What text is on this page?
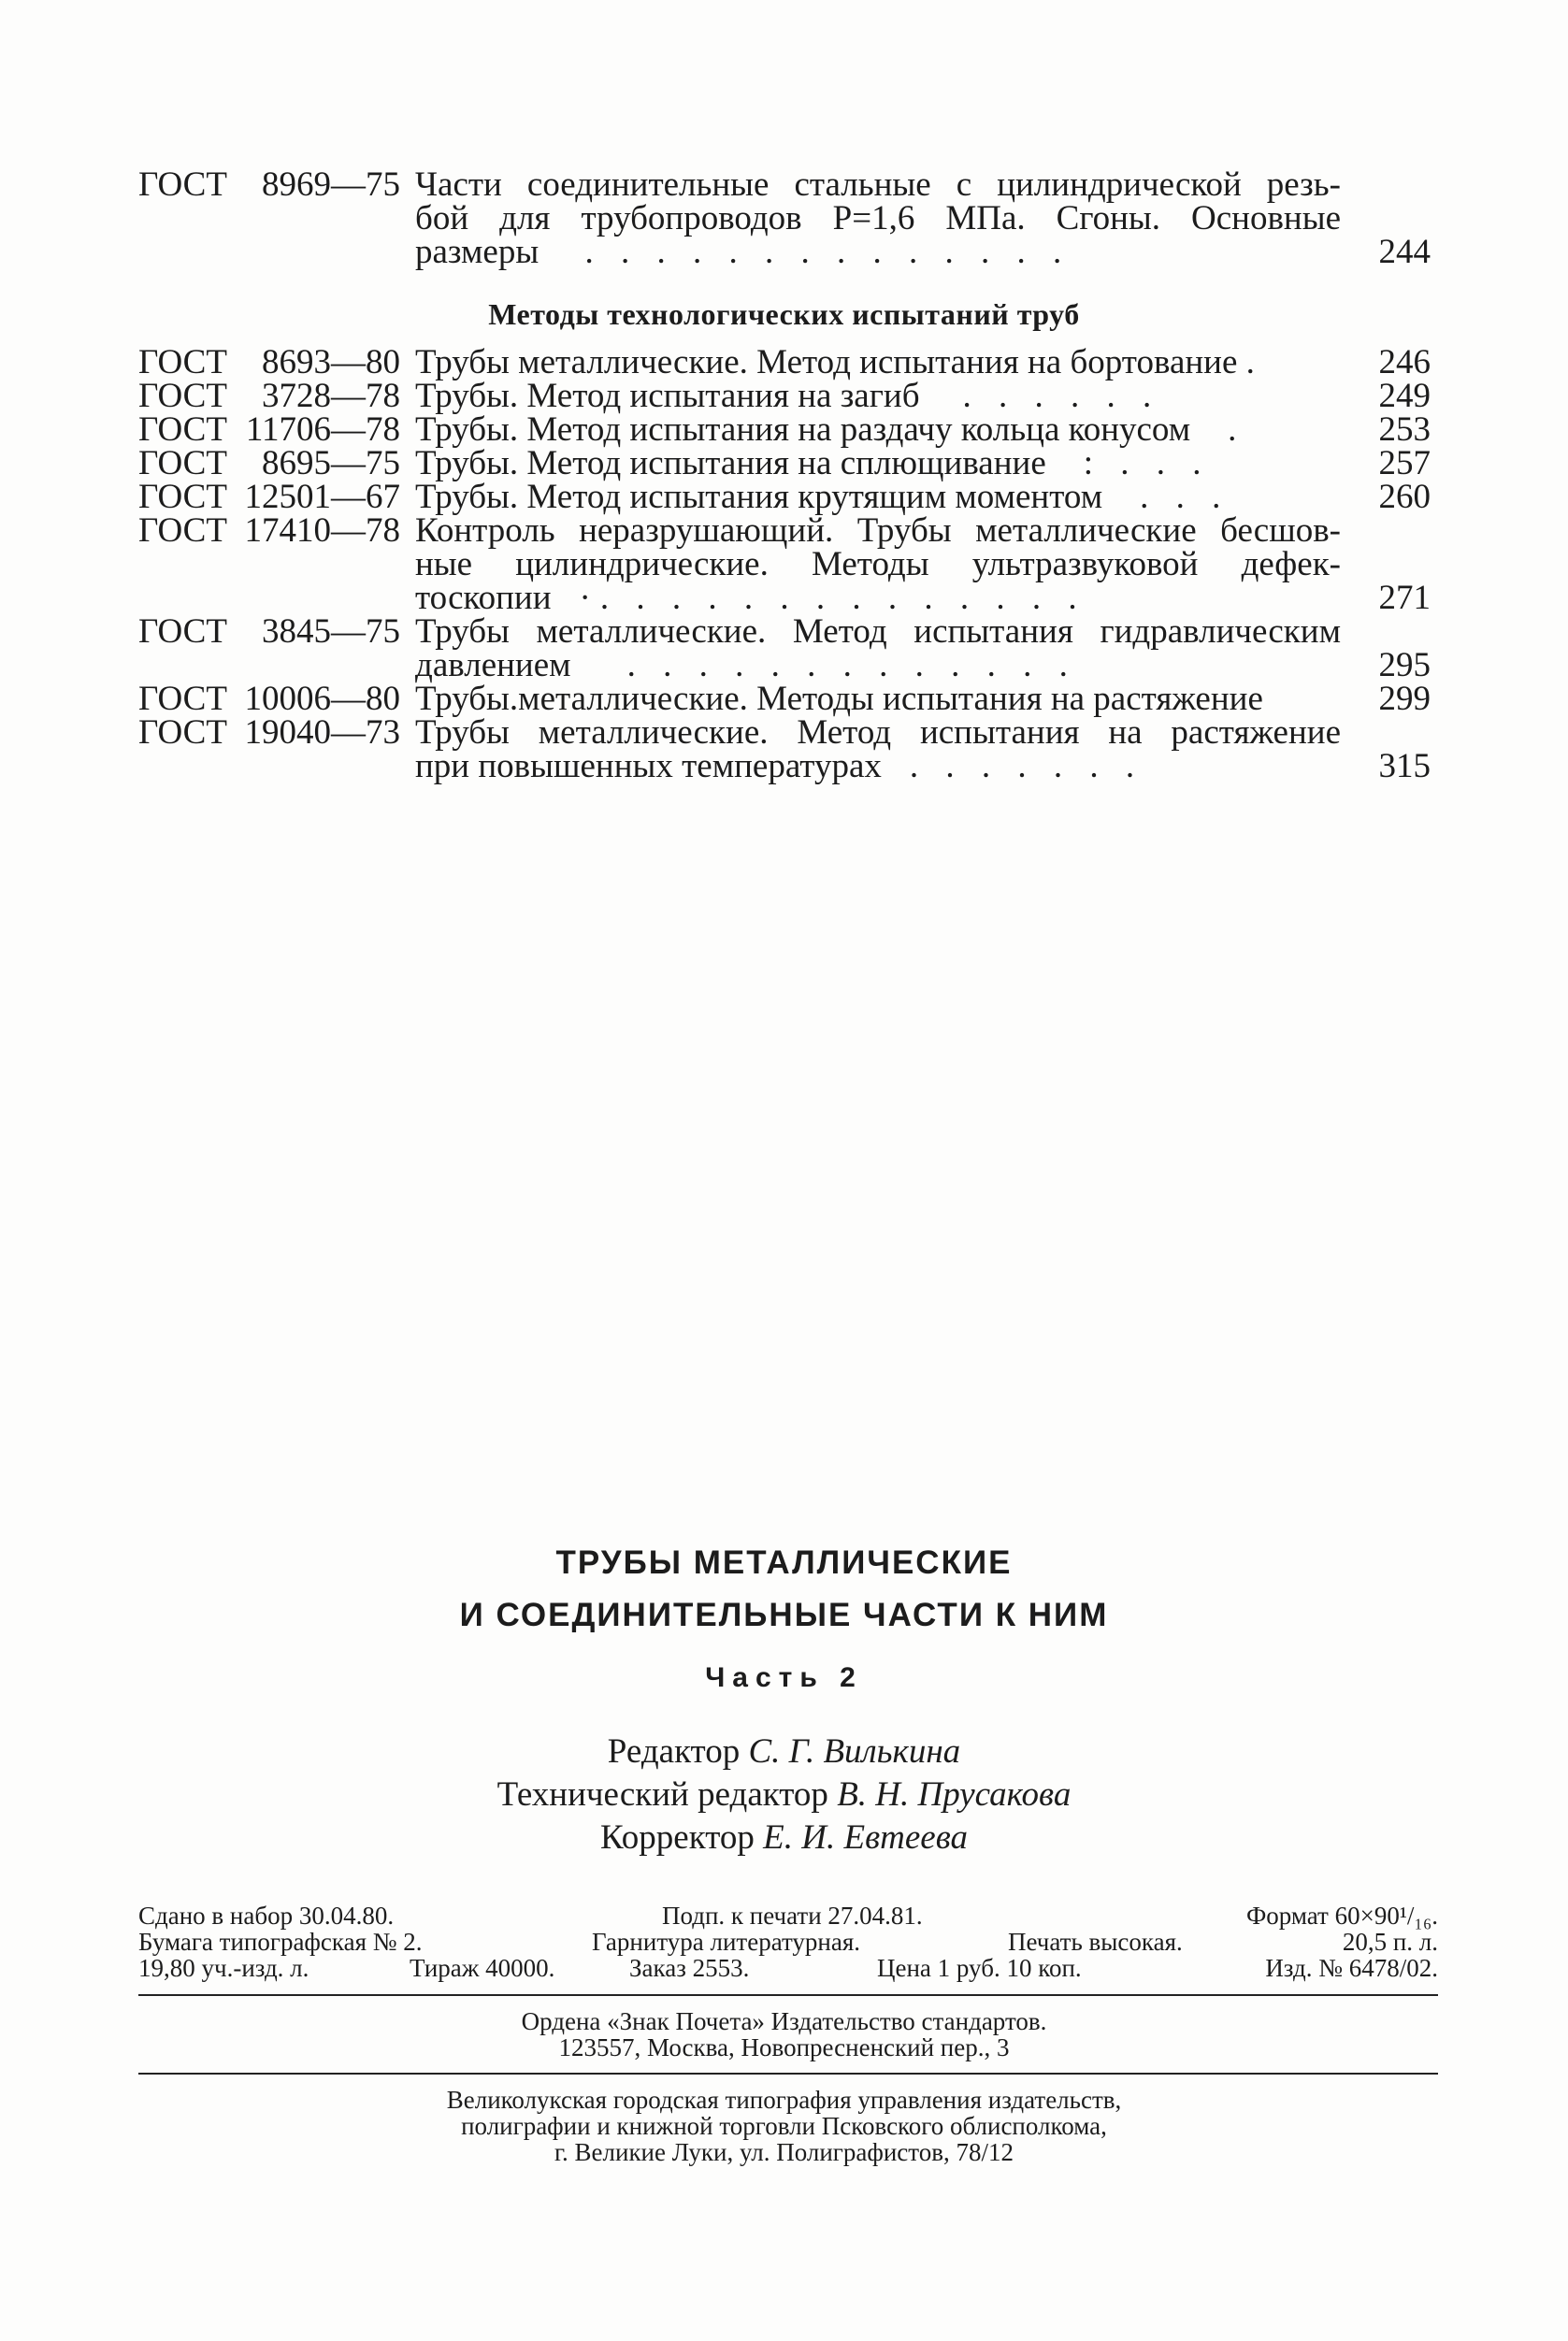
ГОСТ	8969—75 Части соединительные стальные с цилиндрической резь-
бой для трубопроводов Р=1,6 МПа. Сгоны. Основные
размеры . . . . . . . . . . . . . .	244
Методы технологических испытаний труб
ГОСТ	8693—80 Трубы металлические. Метод испытания на бортование .	246
ГОСТ	3728—78 Трубы. Метод испытания на загиб . . . . . .	249
ГОСТ 11706—78 Трубы. Метод испытания на раздачу кольца конусом .	253
ГОСТ	8695—75 Трубы. Метод испытания на сплющивание : . . .	257
ГОСТ 12501—67 Трубы. Метод испытания крутящим моментом . . .	260
ГОСТ 17410—78 Контроль неразрушающий. Трубы металлические бесшов-
ные цилиндрические. Методы ультразвуковой дефек-
тоскопии ·. . . . . . . . . . . . . .	271
ГОСТ	3845—75 Трубы металлические. Метод испытания гидравлическим
давлением . . . . . . . . . . . . .	295
ГОСТ 10006—80 Трубы.металлические. Методы испытания на растяжение	299
ГОСТ 19040—73 Трубы металлические. Метод испытания на растяжение
при повышенных температурах . . . . . . .	315
ТРУБЫ МЕТАЛЛИЧЕСКИЕ
И СОЕДИНИТЕЛЬНЫЕ ЧАСТИ К НИМ
Часть 2
Редактор С. Г. Вилькина
Технический редактор В. Н. Прусакова
Корректор Е. И. Евтеева
Сдано в набор 30.04.80.	Подп. к печати 27.04.81.	Формат 60×90¹/₁₆.
Бумага типографская № 2.	Гарнитура литературная.	Печать высокая.	20,5 п. л.
19,80 уч.-изд. л.	Тираж 40000.	Заказ 2553.	Цена 1 руб. 10 коп.	Изд. № 6478/02.
Ордена «Знак Почета» Издательство стандартов.
123557, Москва, Новопресненский пер., 3
Великолукская городская типография управления издательств,
полиграфии и книжной торговли Псковского облисполкома,
г. Великие Луки, ул. Полиграфистов, 78/12
